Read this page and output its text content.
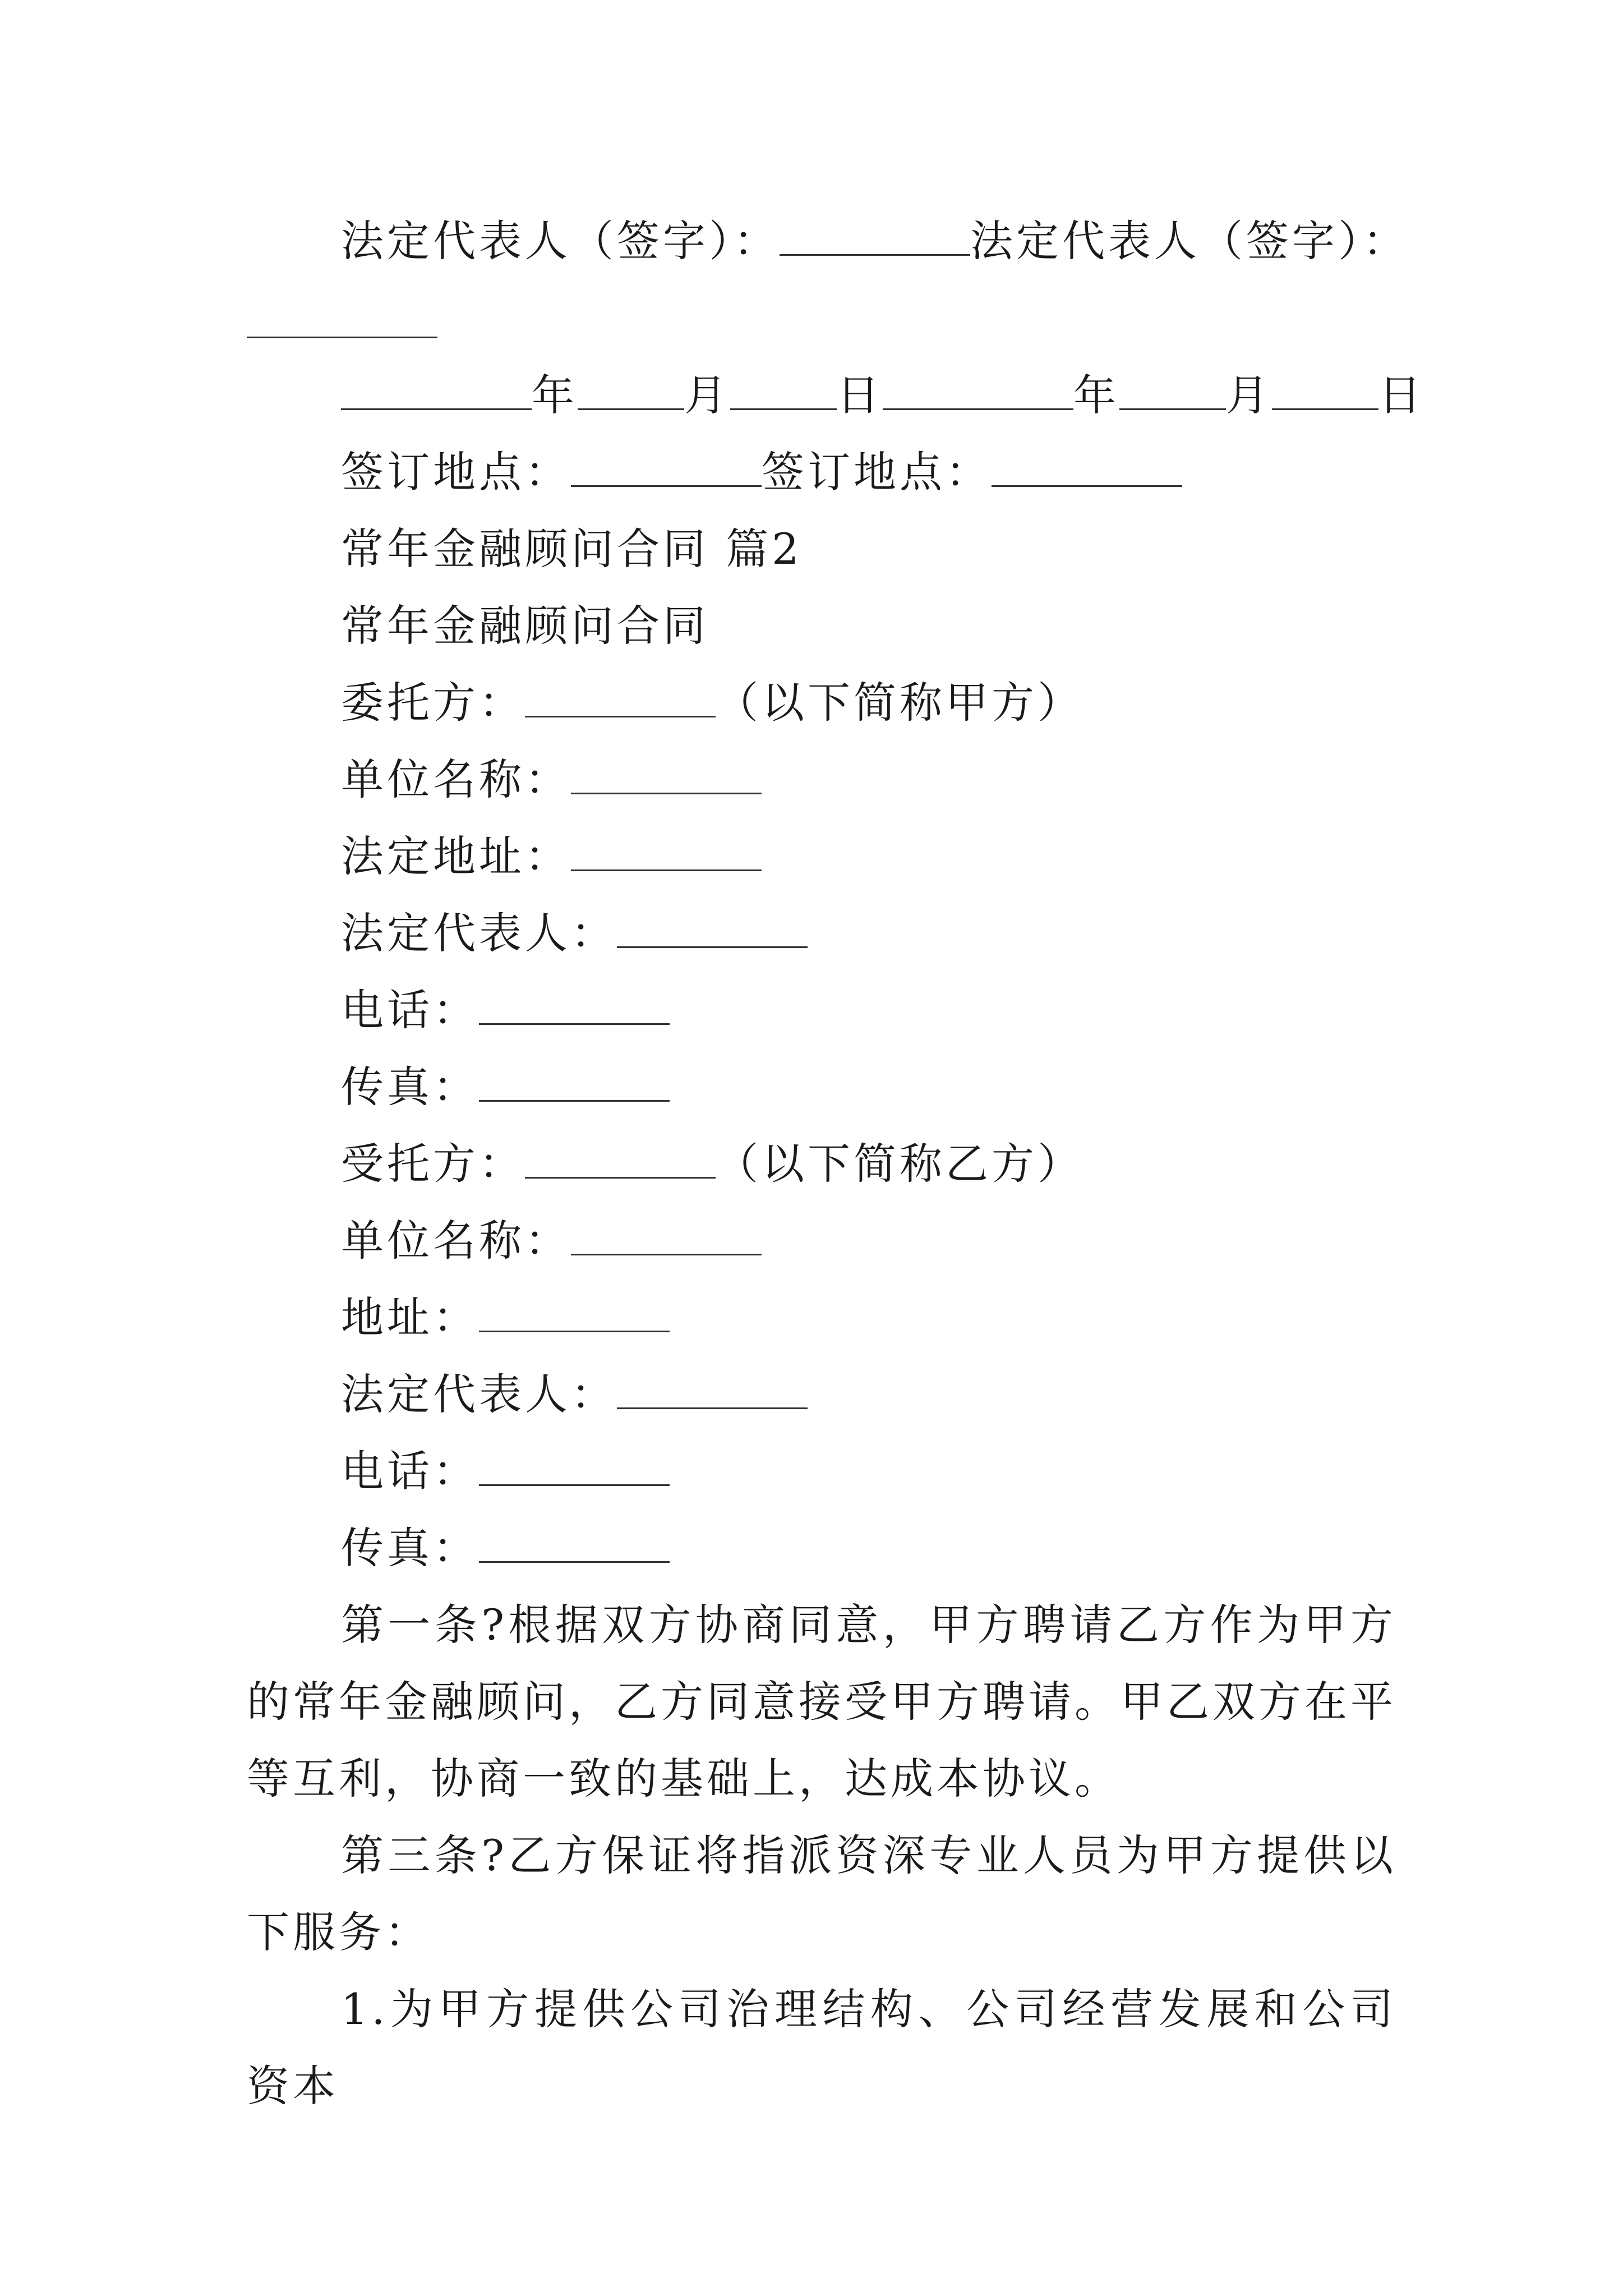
法定代表人（签字）：	法定代表人（签字）：
年	月	日	年	月	日
签订地点：	签订地点：
常年金融顾问合同 篇2
常年金融顾问合同
委托方：	（以下简称甲方）
单位名称：
法定地址：
法定代表人：
电话：
传真：
受托方：	（以下简称乙方）
单位名称：
地址：
法定代表人：
电话：
传真：
第一条?根据双方协商同意，甲方聘请乙方作为甲方的常年金融顾问，乙方同意接受甲方聘请。甲乙双方在平等互利，协商一致的基础上，达成本协议。
第三条?乙方保证将指派资深专业人员为甲方提供以下服务：
1.为甲方提供公司治理结构、公司经营发展和公司资本
